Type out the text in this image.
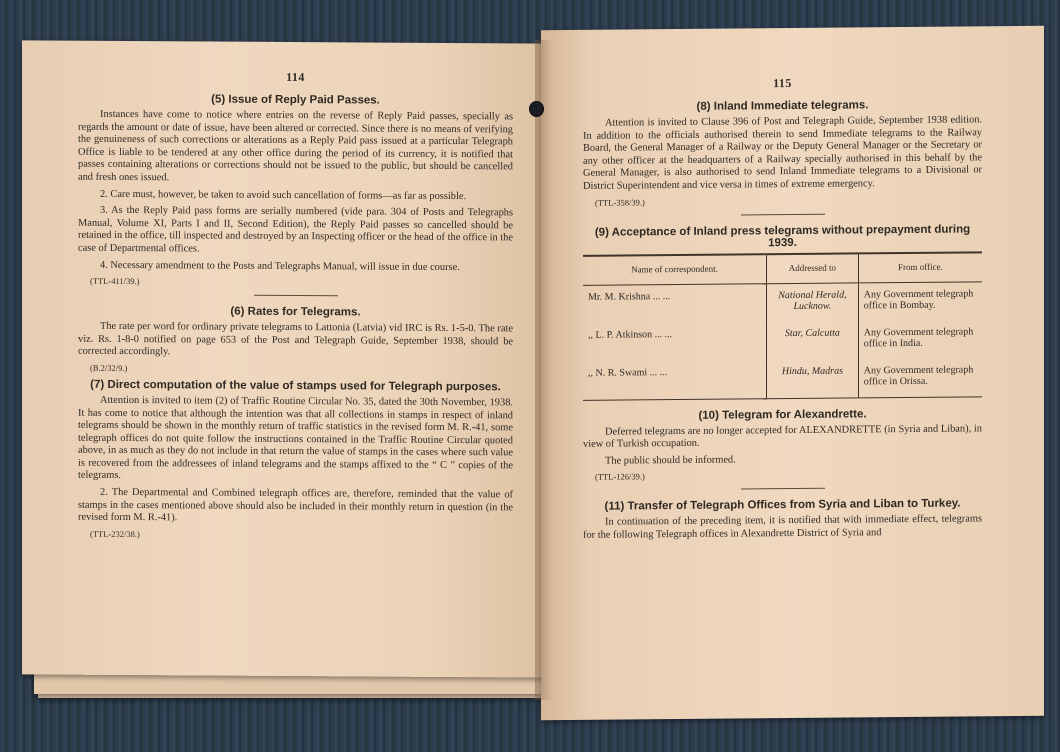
114
(5) Issue of Reply Paid Passes.

Instances have come to notice where entries on the reverse of Reply Paid passes, specially as regards the amount or date of issue, have been altered or corrected. Since there is no means of verifying the genuineness of such corrections or alterations as a Reply Paid pass issued at a particular Telegraph Office is liable to be tendered at any other office during the period of its currency, it is notified that passes containing alterations or corrections should not be issued to the public, but should be cancelled and fresh ones issued.

2. Care must, however, be taken to avoid such cancellation of forms—as far as possible.

3. As the Reply Paid pass forms are serially numbered (vide para. 304 of Posts and Telegraphs Manual, Volume XI, Parts I and II, Second Edition), the Reply Paid passes so cancelled should be retained in the office, till inspected and destroyed by an Inspecting officer or the head of the office in the case of Departmental offices.

4. Necessary amendment to the Posts and Telegraphs Manual, will issue in due course.

(TTL-411/39.)
(6) Rates for Telegrams.

The rate per word for ordinary private telegrams to Lattonia (Latvia) vid IRC is Rs. 1-5-0. The rate viz. Rs. 1-8-0 notified on page 653 of the Post and Telegraph Guide, September 1938, should be corrected accordingly.

(B.2/32/9.)
(7) Direct computation of the value of stamps used for Telegraph purposes.

Attention is invited to item (2) of Traffic Routine Circular No. 35, dated the 30th November, 1938. It has come to notice that although the intention was that all collections in stamps in respect of inland telegrams should be shown in the monthly return of traffic statistics in the revised form M. R.-41, some telegraph offices do not quite follow the instructions contained in the Traffic Routine Circular quoted above, in as much as they do not include in that return the value of stamps in the cases where such value is recovered from the addressees of inland telegrams and the stamps affixed to the “ C ” copies of the telegrams.

2. The Departmental and Combined telegraph offices are, therefore, reminded that the value of stamps in the cases mentioned above should also be included in their monthly return in question (in the revised form M. R.-41).

(TTL-232/38.)
115
(8) Inland Immediate telegrams.

Attention is invited to Clause 396 of Post and Telegraph Guide, September 1938 edition. In addition to the officials authorised therein to send Immediate telegrams to the Railway Board, the General Manager of a Railway or the Deputy General Manager or the Secretary or any other officer at the headquarters of a Railway specially authorised in this behalf by the General Manager, is also authorised to send Inland Immediate telegrams to a Divisional or District Superintendent and vice versa in times of extreme emergency.

(TTL-358/39.)
(9) Acceptance of Inland press telegrams without prepayment during 1939.
Name of correspondent.	Addressed to	From office.
Mr. M. Krishna ... ...	National Herald, Lucknow.	Any Government telegraph office in Bombay.
,, L. P. Atkinson ... ...	Star, Calcutta	Any Government telegraph office in India.
,, N. R. Swami ... ...	Hindu, Madras	Any Government telegraph office in Orissa.
(10) Telegram for Alexandrette.

Deferred telegrams are no longer accepted for ALEXANDRETTE (in Syria and Liban), in view of Turkish occupation.

The public should be informed.

(TTL-126/39.)
(11) Transfer of Telegraph Offices from Syria and Liban to Turkey.

In continuation of the preceding item, it is notified that with immediate effect, telegrams for the following Telegraph offices in Alexandrette District of Syria and
